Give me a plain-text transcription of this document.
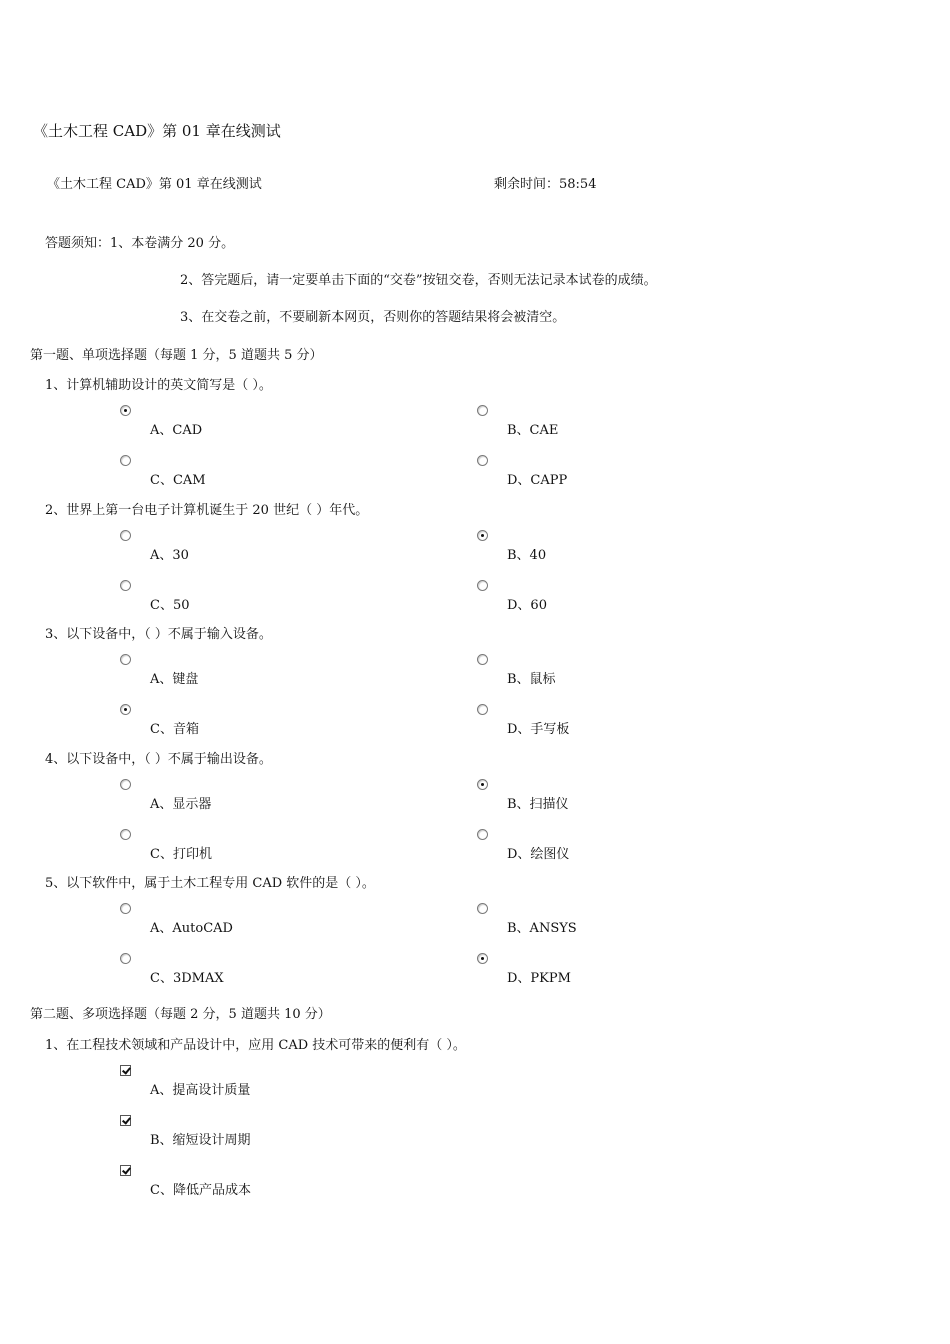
《土木工程 CAD》第 01 章在线测试
《土木工程 CAD》第 01 章在线测试	剩余时间：58:54
答题须知：1、本卷满分 20 分。
2、答完题后，请一定要单击下面的“交卷”按钮交卷，否则无法记录本试卷的成绩。
3、在交卷之前，不要刷新本网页，否则你的答题结果将会被清空。
第一题、单项选择题（每题 1 分，5 道题共 5 分）
1、计算机辅助设计的英文简写是（ ）。
A、CAD	B、CAE
C、CAM	D、CAPP
2、世界上第一台电子计算机诞生于 20 世纪（ ）年代。
A、30	B、40
C、50	D、60
3、以下设备中，（ ）不属于输入设备。
A、键盘	B、鼠标
C、音箱	D、手写板
4、以下设备中，（ ）不属于输出设备。
A、显示器	B、扫描仪
C、打印机	D、绘图仪
5、以下软件中，属于土木工程专用 CAD 软件的是（ ）。
A、AutoCAD	B、ANSYS
C、3DMAX	D、PKPM
第二题、多项选择题（每题 2 分，5 道题共 10 分）
1、在工程技术领域和产品设计中，应用 CAD 技术可带来的便利有（ ）。
A、提高设计质量
B、缩短设计周期
C、降低产品成本
